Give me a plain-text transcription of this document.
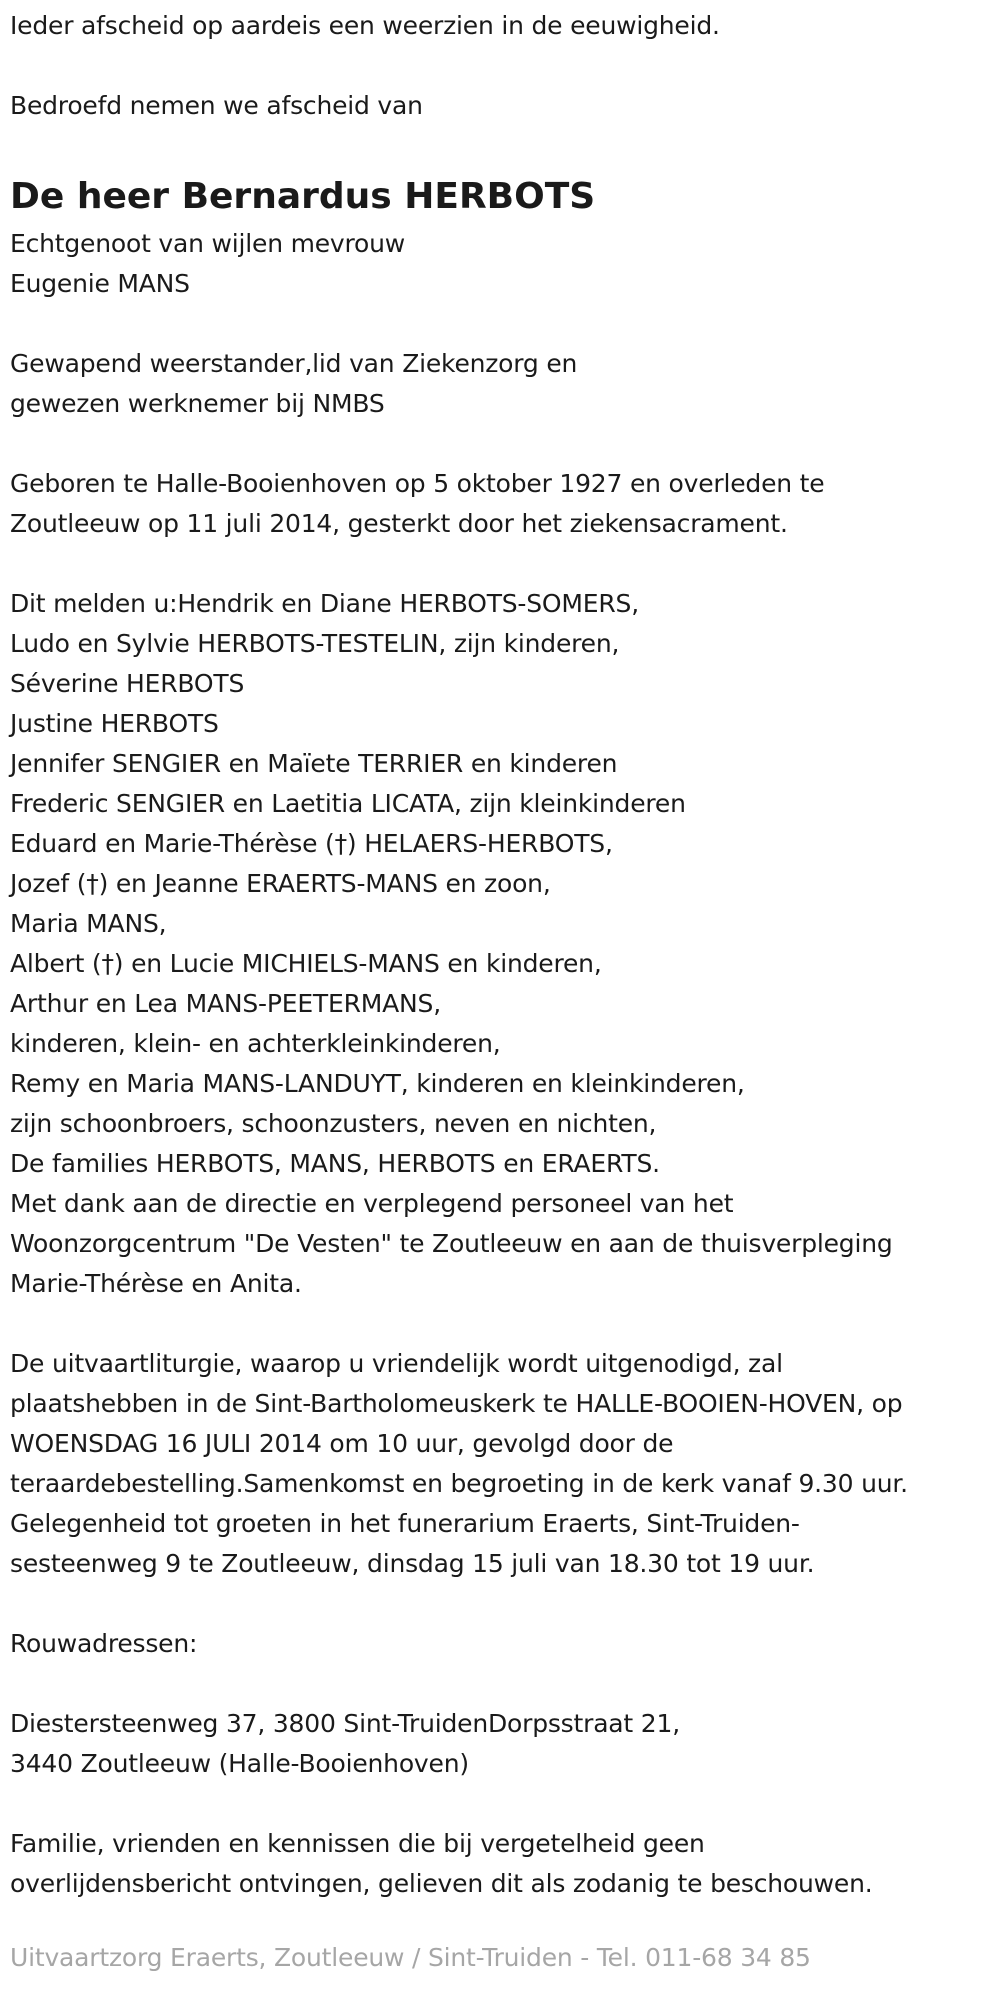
Ieder afscheid op aardeis een weerzien in de eeuwigheid.
Bedroefd nemen we afscheid van
De heer Bernardus HERBOTS
Echtgenoot van wijlen mevrouw
Eugenie MANS
Gewapend weerstander,lid van Ziekenzorg en
gewezen werknemer bij NMBS
Geboren te Halle-Booienhoven op 5 oktober 1927 en overleden te
Zoutleeuw op 11 juli 2014, gesterkt door het ziekensacrament.
Dit melden u:Hendrik en Diane HERBOTS-SOMERS,
Ludo en Sylvie HERBOTS-TESTELIN, zijn kinderen,
Séverine HERBOTS
Justine HERBOTS
Jennifer SENGIER en Maïete TERRIER en kinderen
Frederic SENGIER en Laetitia LICATA, zijn kleinkinderen
Eduard en Marie-Thérèse (†) HELAERS-HERBOTS,
Jozef (†) en Jeanne ERAERTS-MANS en zoon,
Maria MANS,
Albert (†) en Lucie MICHIELS-MANS en kinderen,
Arthur en Lea MANS-PEETERMANS,
kinderen, klein- en achterkleinkinderen,
Remy en Maria MANS-LANDUYT, kinderen en kleinkinderen,
zijn schoonbroers, schoonzusters, neven en nichten,
De families HERBOTS, MANS, HERBOTS en ERAERTS.
Met dank aan de directie en verplegend personeel van het
Woonzorgcentrum "De Vesten" te Zoutleeuw en aan de thuisverpleging
Marie-Thérèse en Anita.
De uitvaartliturgie, waarop u vriendelijk wordt uitgenodigd, zal
plaatshebben in de Sint-Bartholomeuskerk te HALLE-BOOIEN-HOVEN, op
WOENSDAG 16 JULI 2014 om 10 uur, gevolgd door de
teraardebestelling.Samenkomst en begroeting in de kerk vanaf 9.30 uur.
Gelegenheid tot groeten in het funerarium Eraerts, Sint-Truiden-
sesteenweg 9 te Zoutleeuw, dinsdag 15 juli van 18.30 tot 19 uur.
Rouwadressen:
Diestersteenweg 37, 3800 Sint-TruidenDorpsstraat 21,
3440 Zoutleeuw (Halle-Booienhoven)
Familie, vrienden en kennissen die bij vergetelheid geen
overlijdensbericht ontvingen, gelieven dit als zodanig te beschouwen.
Uitvaartzorg Eraerts, Zoutleeuw / Sint-Truiden - Tel. 011-68 34 85
